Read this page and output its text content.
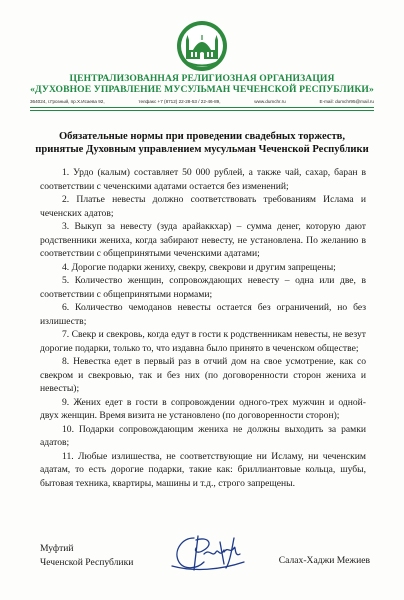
ЦЕНТРАЛИЗОВАННАЯ РЕЛИГИОЗНАЯ ОРГАНИЗАЦИЯ
«ДУХОВНОЕ УПРАВЛЕНИЕ МУСУЛЬМАН ЧЕЧЕНСКОЙ РЕСПУБЛИКИ»
364024, г.Грозный, пр.Х.Исаева 92,	телфакс +7 (8712) 22-28-53 / 22-46-89,	www.dumchr.ru	E-mail: dumchr95@mail.ru
Обязательные нормы при проведении свадебных торжеств,
принятые Духовным управлением мусульман Чеченской Республики

1. Урдо (калым) составляет 50 000 рублей, а также чай, сахар, баран в соответствии с чеченскими адатами остается без изменений;

2. Платье невесты должно соответствовать требованиям Ислама и чеченских адатов;

3. Выкуп за невесту (зуда арайаккхар) – сумма денег, которую дают родственники жениха, когда забирают невесту, не установлена. По желанию в соответствии с общепринятыми чеченскими адатами;

4. Дорогие подарки жениху, свекру, свекрови и другим запрещены;

5. Количество женщин, сопровождающих невесту – одна или две, в соответствии с общепринятыми нормами;

6. Количество чемоданов невесты остается без ограничений, но без излишеств;

7. Свекр и свекровь, когда едут в гости к родственникам невесты, не везут дорогие подарки, только то, что издавна было принято в чеченском обществе;

8. Невестка едет в первый раз в отчий дом на свое усмотрение, как со свекром и свекровью, так и без них (по договоренности сторон жениха и невесты);

9. Жених едет в гости в сопровождении одного-трех мужчин и одной-двух женщин. Время визита не установлено (по договоренности сторон);

10. Подарки сопровождающим жениха не должны выходить за рамки адатов;

11. Любые излишества, не соответствующие ни Исламу, ни чеченским адатам, то есть дорогие подарки, такие как: бриллиантовые кольца, шубы, бытовая техника, квартиры, машины и т.д., строго запрещены.

Муфтий
Чеченской Республики	Салах-Хаджи Межиев
